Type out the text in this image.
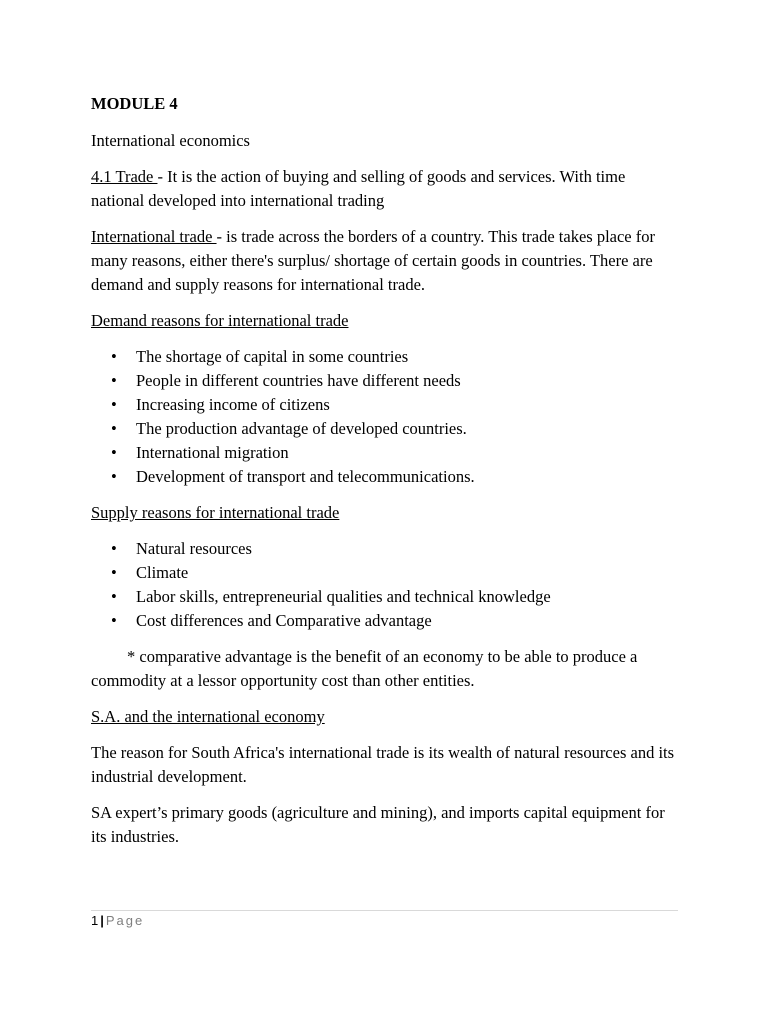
MODULE 4
International economics
4.1 Trade - It is the action of buying and selling of goods and services. With time national developed into international trading
International trade - is trade across the borders of a country. This trade takes place for many reasons, either there's surplus/ shortage of certain goods in countries. There are demand and supply reasons for international trade.
Demand reasons for international trade
• The shortage of capital in some countries
• People in different countries have different needs
• Increasing income of citizens
• The production advantage of developed countries.
• International migration
• Development of transport and telecommunications.
Supply reasons for international trade
• Natural resources
• Climate
• Labor skills, entrepreneurial qualities and technical knowledge
• Cost differences and Comparative advantage
* comparative advantage is the benefit of an economy to be able to produce a commodity at a lessor opportunity cost than other entities.
S.A. and the international economy
The reason for South Africa's international trade is its wealth of natural resources and its industrial development.
SA expert’s primary goods (agriculture and mining), and imports capital equipment for its industries.
1 | Page
